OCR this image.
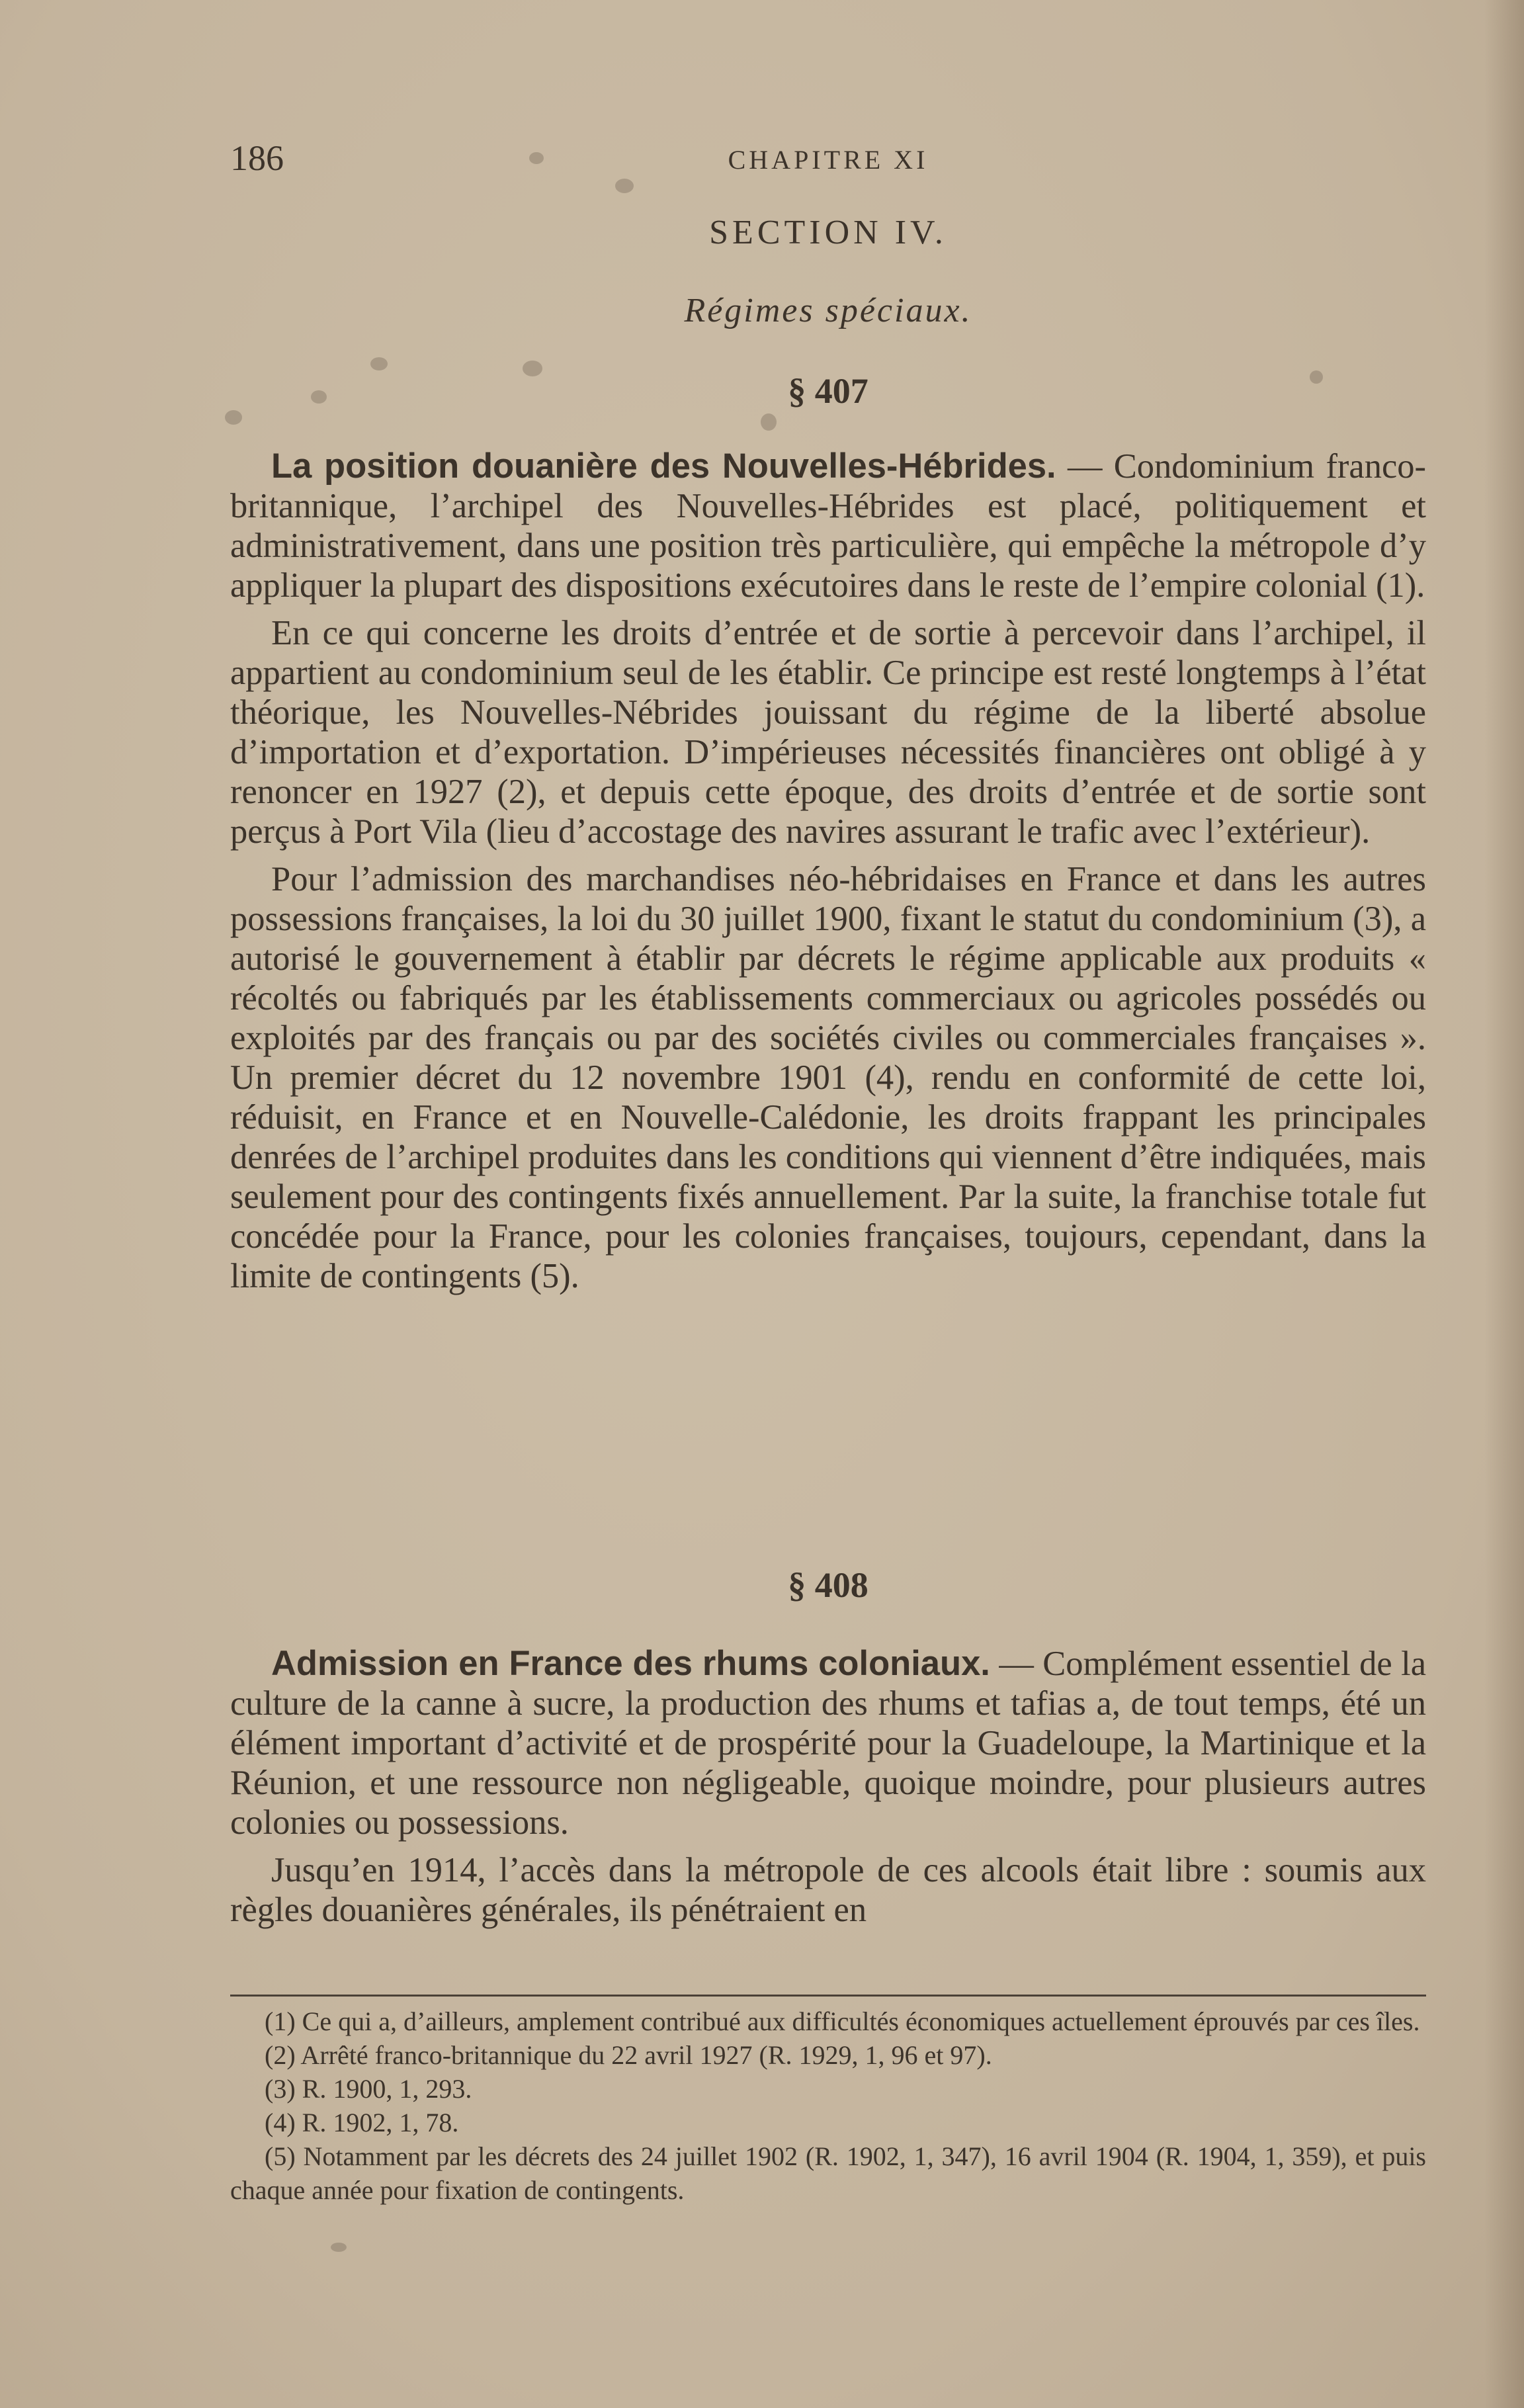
186	CHAPITRE XI
SECTION IV.
Régimes spéciaux.
§ 407

La position douanière des Nouvelles-Hébrides. — Condominium franco-britannique, l’archipel des Nouvelles-Hébrides est placé, politiquement et administrativement, dans une position très particulière, qui empêche la métropole d’y appliquer la plupart des dispositions exécutoires dans le reste de l’empire colonial (1).

En ce qui concerne les droits d’entrée et de sortie à percevoir dans l’archipel, il appartient au condominium seul de les établir. Ce principe est resté longtemps à l’état théorique, les Nouvelles-Nébrides jouissant du régime de la liberté absolue d’importation et d’exportation. D’impérieuses nécessités financières ont obligé à y renoncer en 1927 (2), et depuis cette époque, des droits d’entrée et de sortie sont perçus à Port Vila (lieu d’accostage des navires assurant le trafic avec l’extérieur).

Pour l’admission des marchandises néo-hébridaises en France et dans les autres possessions françaises, la loi du 30 juillet 1900, fixant le statut du condominium (3), a autorisé le gouvernement à établir par décrets le régime applicable aux produits « récoltés ou fabriqués par les établissements commerciaux ou agricoles possédés ou exploités par des français ou par des sociétés civiles ou commerciales françaises ». Un premier décret du 12 novembre 1901 (4), rendu en conformité de cette loi, réduisit, en France et en Nouvelle-Calédonie, les droits frappant les principales denrées de l’archipel produites dans les conditions qui viennent d’être indiquées, mais seulement pour des contingents fixés annuellement. Par la suite, la franchise totale fut concédée pour la France, pour les colonies françaises, toujours, cependant, dans la limite de contingents (5).

§ 408

Admission en France des rhums coloniaux. — Complément essentiel de la culture de la canne à sucre, la production des rhums et tafias a, de tout temps, été un élément important d’activité et de prospérité pour la Guadeloupe, la Martinique et la Réunion, et une ressource non négligeable, quoique moindre, pour plusieurs autres colonies ou possessions.

Jusqu’en 1914, l’accès dans la métropole de ces alcools était libre : soumis aux règles douanières générales, ils pénétraient en

(1) Ce qui a, d’ailleurs, amplement contribué aux difficultés économiques actuellement éprouvés par ces îles.

(2) Arrêté franco-britannique du 22 avril 1927 (R. 1929, 1, 96 et 97).

(3) R. 1900, 1, 293.

(4) R. 1902, 1, 78.

(5) Notamment par les décrets des 24 juillet 1902 (R. 1902, 1, 347), 16 avril 1904 (R. 1904, 1, 359), et puis chaque année pour fixation de contingents.
